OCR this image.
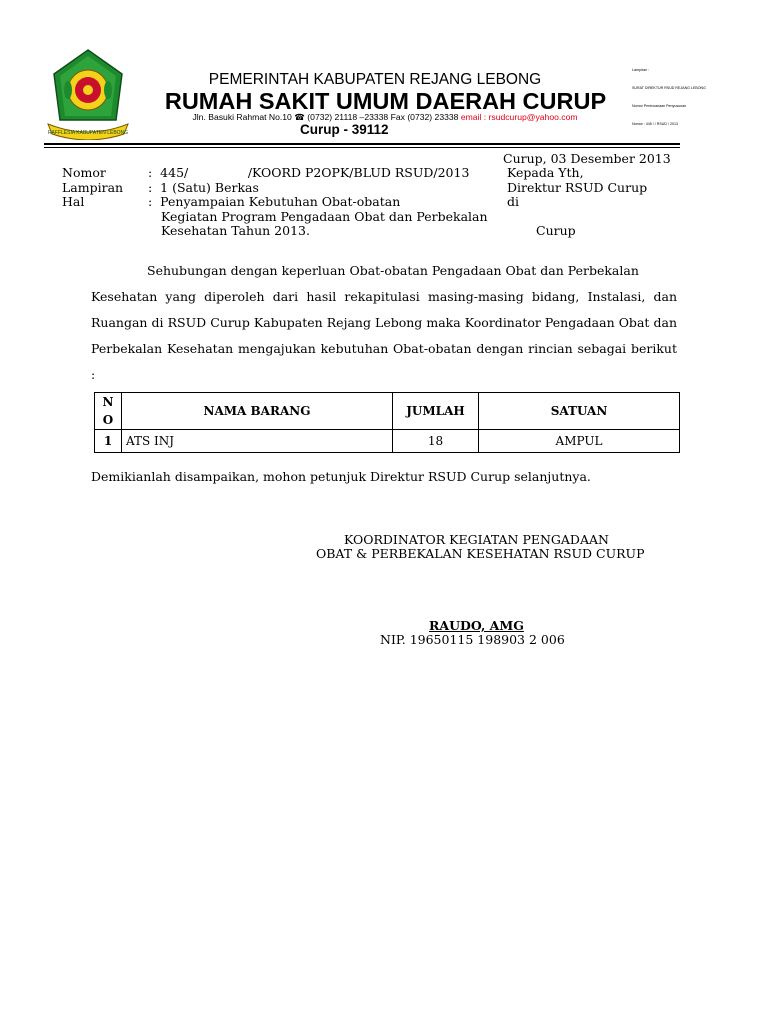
RAFFLESIA KABUPATEN LEBONG
PEMERINTAH KABUPATEN REJANG LEBONG
RUMAH SAKIT UMUM DAERAH CURUP
Jln. Basuki Rahmat No.10 ☎ (0732) 21118 –23338 Fax (0732) 23338 email : rsudcurup@yahoo.com
Curup - 39112
Lampiran :
SURAT DIREKTUR RSUD REJANG LEBONG
Nomor Perencanaan Penyusunan
Nomor : 445 / / RSUD / 2013
Curup, 03 Desember 2013
Nomor	:  445/               /KOORD P2OPK/BLUD RSUD/2013
Lampiran :  1 (Satu) Berkas
Hal	:  Penyampaian Kebutuhan Obat-obatan
Kegiatan Program Pengadaan Obat dan Perbekalan
Kesehatan Tahun 2013.
Kepada Yth,
Direktur RSUD Curup
di
Curup
Sehubungan dengan keperluan Obat-obatan Pengadaan Obat dan Perbekalan
Kesehatan yang diperoleh dari hasil rekapitulasi masing-masing bidang, Instalasi, dan Ruangan di RSUD Curup Kabupaten Rejang Lebong maka Koordinator Pengadaan Obat dan Perbekalan Kesehatan mengajukan kebutuhan Obat-obatan dengan rincian sebagai berikut :
N
O	NAMA BARANG	JUMLAH	SATUAN
1	ATS INJ	18	AMPUL
Demikianlah disampaikan, mohon petunjuk Direktur RSUD Curup selanjutnya.
KOORDINATOR KEGIATAN PENGADAAN
OBAT & PERBEKALAN KESEHATAN RSUD CURUP
RAUDO, AMG
NIP. 19650115 198903 2 006
